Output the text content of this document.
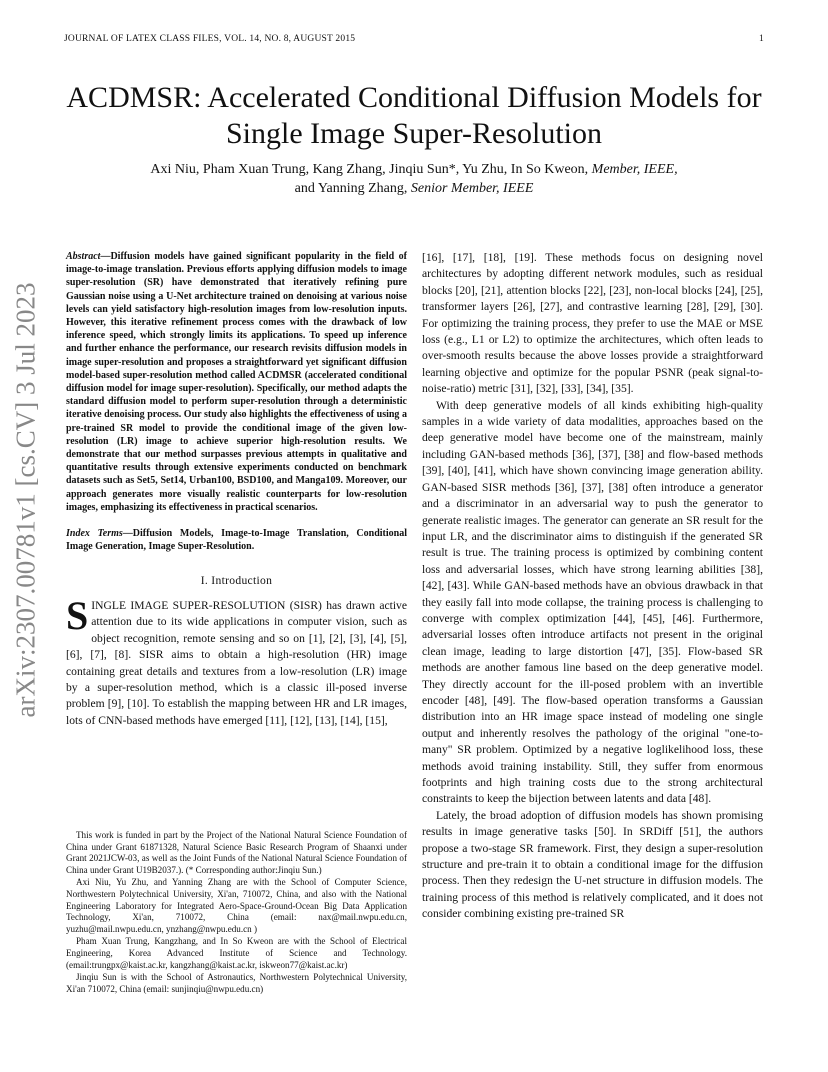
JOURNAL OF LATEX CLASS FILES, VOL. 14, NO. 8, AUGUST 2015	1
ACDMSR: Accelerated Conditional Diffusion Models for Single Image Super-Resolution
Axi Niu, Pham Xuan Trung, Kang Zhang, Jinqiu Sun*, Yu Zhu, In So Kweon, Member, IEEE,
and Yanning Zhang, Senior Member, IEEE
arXiv:2307.00781v1 [cs.CV] 3 Jul 2023
Abstract—Diffusion models have gained significant popularity in the field of image-to-image translation. Previous efforts applying diffusion models to image super-resolution (SR) have demonstrated that iteratively refining pure Gaussian noise using a U-Net architecture trained on denoising at various noise levels can yield satisfactory high-resolution images from low-resolution inputs. However, this iterative refinement process comes with the drawback of low inference speed, which strongly limits its applications. To speed up inference and further enhance the performance, our research revisits diffusion models in image super-resolution and proposes a straightforward yet significant diffusion model-based super-resolution method called ACDMSR (accelerated conditional diffusion model for image super-resolution). Specifically, our method adapts the standard diffusion model to perform super-resolution through a deterministic iterative denoising process. Our study also highlights the effectiveness of using a pre-trained SR model to provide the conditional image of the given low-resolution (LR) image to achieve superior high-resolution results. We demonstrate that our method surpasses previous attempts in qualitative and quantitative results through extensive experiments conducted on benchmark datasets such as Set5, Set14, Urban100, BSD100, and Manga109. Moreover, our approach generates more visually realistic counterparts for low-resolution images, emphasizing its effectiveness in practical scenarios.
Index Terms—Diffusion Models, Image-to-Image Translation, Conditional Image Generation, Image Super-Resolution.
I. Introduction

SINGLE IMAGE SUPER-RESOLUTION (SISR) has drawn active attention due to its wide applications in computer vision, such as object recognition, remote sensing and so on [1], [2], [3], [4], [5], [6], [7], [8]. SISR aims to obtain a high-resolution (HR) image containing great details and textures from a low-resolution (LR) image by a super-resolution method, which is a classic ill-posed inverse problem [9], [10]. To establish the mapping between HR and LR images, lots of CNN-based methods have emerged [11], [12], [13], [14], [15],

This work is funded in part by the Project of the National Natural Science Foundation of China under Grant 61871328, Natural Science Basic Research Program of Shaanxi under Grant 2021JCW-03, as well as the Joint Funds of the National Natural Science Foundation of China under Grant U19B2037.). (* Corresponding author:Jinqiu Sun.)

Axi Niu, Yu Zhu, and Yanning Zhang are with the School of Computer Science, Northwestern Polytechnical University, Xi'an, 710072, China, and also with the National Engineering Laboratory for Integrated Aero-Space-Ground-Ocean Big Data Application Technology, Xi'an, 710072, China (email: nax@mail.nwpu.edu.cn, yuzhu@mail.nwpu.edu.cn, ynzhang@nwpu.edu.cn )

Pham Xuan Trung, Kangzhang, and In So Kweon are with the School of Electrical Engineering, Korea Advanced Institute of Science and Technology. (email:trungpx@kaist.ac.kr, kangzhang@kaist.ac.kr, iskweon77@kaist.ac.kr)

Jinqiu Sun is with the School of Astronautics, Northwestern Polytechnical University, Xi'an 710072, China (email: sunjinqiu@nwpu.edu.cn)

[16], [17], [18], [19]. These methods focus on designing novel architectures by adopting different network modules, such as residual blocks [20], [21], attention blocks [22], [23], non-local blocks [24], [25], transformer layers [26], [27], and contrastive learning [28], [29], [30]. For optimizing the training process, they prefer to use the MAE or MSE loss (e.g., L1 or L2) to optimize the architectures, which often leads to over-smooth results because the above losses provide a straightforward learning objective and optimize for the popular PSNR (peak signal-to-noise-ratio) metric [31], [32], [33], [34], [35].

With deep generative models of all kinds exhibiting high-quality samples in a wide variety of data modalities, approaches based on the deep generative model have become one of the mainstream, mainly including GAN-based methods [36], [37], [38] and flow-based methods [39], [40], [41], which have shown convincing image generation ability. GAN-based SISR methods [36], [37], [38] often introduce a generator and a discriminator in an adversarial way to push the generator to generate realistic images. The generator can generate an SR result for the input LR, and the discriminator aims to distinguish if the generated SR result is true. The training process is optimized by combining content loss and adversarial losses, which have strong learning abilities [38], [42], [43]. While GAN-based methods have an obvious drawback in that they easily fall into mode collapse, the training process is challenging to converge with complex optimization [44], [45], [46]. Furthermore, adversarial losses often introduce artifacts not present in the original clean image, leading to large distortion [47], [35]. Flow-based SR methods are another famous line based on the deep generative model. They directly account for the ill-posed problem with an invertible encoder [48], [49]. The flow-based operation transforms a Gaussian distribution into an HR image space instead of modeling one single output and inherently resolves the pathology of the original "one-to-many" SR problem. Optimized by a negative loglikelihood loss, these methods avoid training instability. Still, they suffer from enormous footprints and high training costs due to the strong architectural constraints to keep the bijection between latents and data [48].

Lately, the broad adoption of diffusion models has shown promising results in image generative tasks [50]. In SRDiff [51], the authors propose a two-stage SR framework. First, they design a super-resolution structure and pre-train it to obtain a conditional image for the diffusion process. Then they redesign the U-net structure in diffusion models. The training process of this method is relatively complicated, and it does not consider combining existing pre-trained SR
